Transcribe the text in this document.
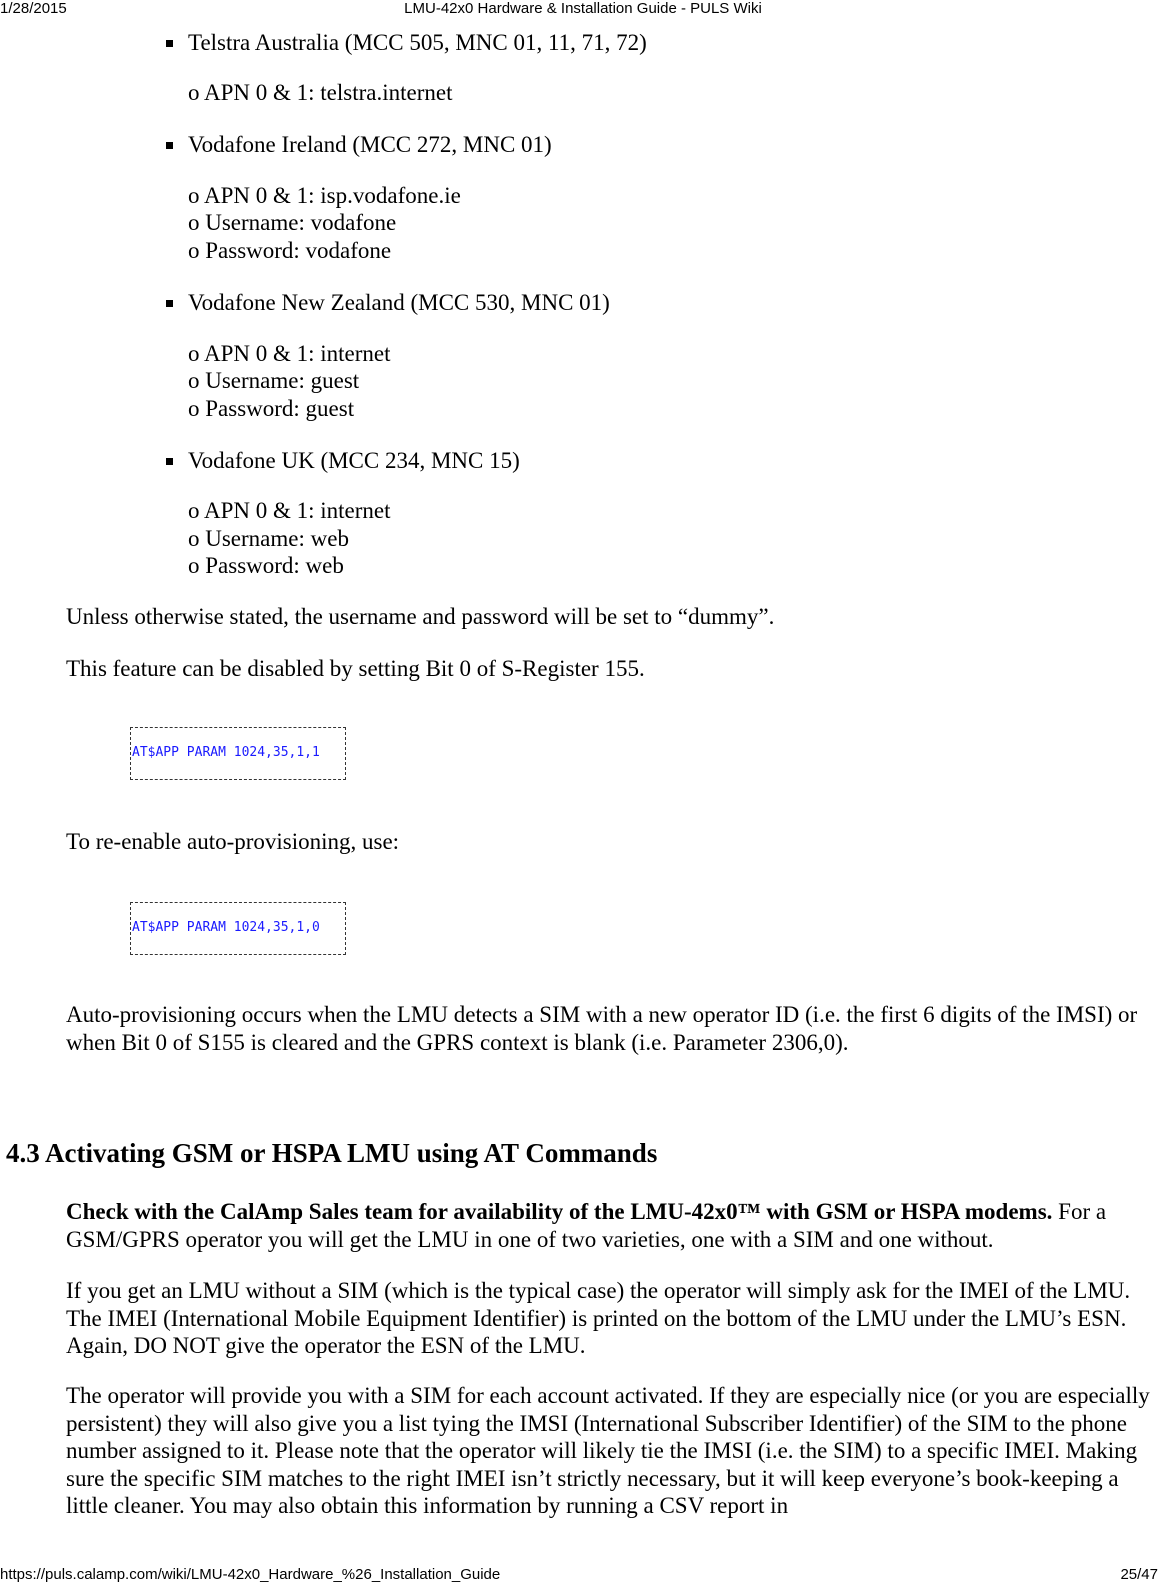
1/28/2015	LMU-42x0 Hardware & Installation Guide - PULS Wiki
Telstra Australia (MCC 505, MNC 01, 11, 71, 72)
o APN 0 & 1: telstra.internet
Vodafone Ireland (MCC 272, MNC 01)
o APN 0 & 1: isp.vodafone.ie
o Username: vodafone
o Password: vodafone
Vodafone New Zealand (MCC 530, MNC 01)
o APN 0 & 1: internet
o Username: guest
o Password: guest
Vodafone UK (MCC 234, MNC 15)
o APN 0 & 1: internet
o Username: web
o Password: web
Unless otherwise stated, the username and password will be set to “dummy”.
This feature can be disabled by setting Bit 0 of S-Register 155.
AT$APP PARAM 1024,35,1,1
To re-enable auto-provisioning, use:
AT$APP PARAM 1024,35,1,0
Auto-provisioning occurs when the LMU detects a SIM with a new operator ID (i.e. the first 6 digits of the IMSI) or when Bit 0 of S155 is cleared and the GPRS context is blank (i.e. Parameter 2306,0).
4.3 Activating GSM or HSPA LMU using AT Commands
Check with the CalAmp Sales team for availability of the LMU-42x0™ with GSM or HSPA modems. For a GSM/GPRS operator you will get the LMU in one of two varieties, one with a SIM and one without.
If you get an LMU without a SIM (which is the typical case) the operator will simply ask for the IMEI of the LMU. The IMEI (International Mobile Equipment Identifier) is printed on the bottom of the LMU under the LMU’s ESN. Again, DO NOT give the operator the ESN of the LMU.
The operator will provide you with a SIM for each account activated. If they are especially nice (or you are especially persistent) they will also give you a list tying the IMSI (International Subscriber Identifier) of the SIM to the phone number assigned to it. Please note that the operator will likely tie the IMSI (i.e. the SIM) to a specific IMEI. Making sure the specific SIM matches to the right IMEI isn’t strictly necessary, but it will keep everyone’s book-keeping a little cleaner. You may also obtain this information by running a CSV report in
https://puls.calamp.com/wiki/LMU-42x0_Hardware_%26_Installation_Guide	25/47
